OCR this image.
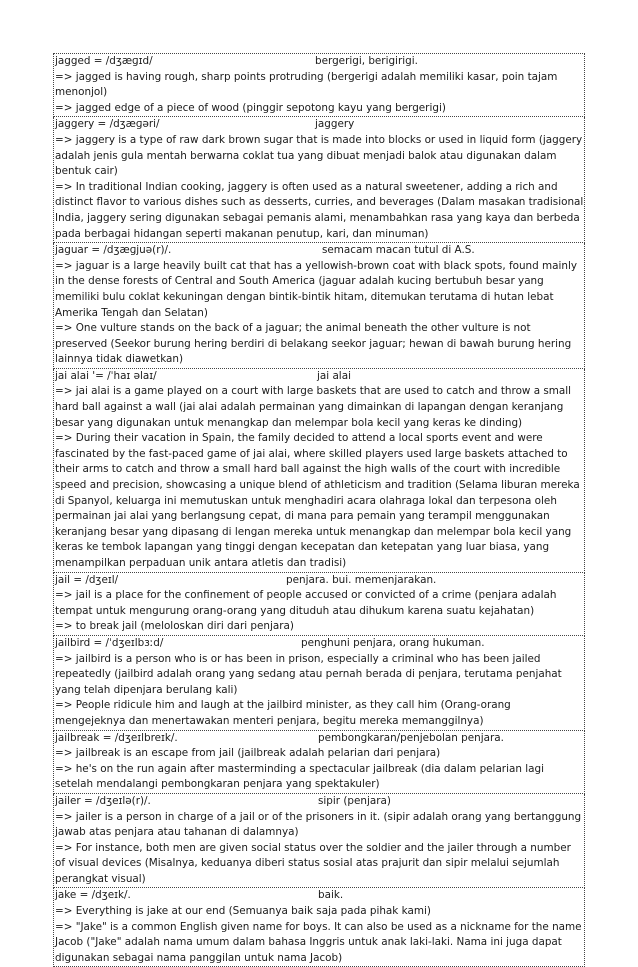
jagged = /dʒæɡɪd/	bergerigi, berigirigi.
=> jagged is having rough, sharp points protruding (bergerigi adalah memiliki kasar, poin tajam menonjol)
=> jagged edge of a piece of wood (pinggir sepotong kayu yang bergerigi)
jaggery = /dʒæɡəri/	jaggery
=> jaggery is a type of raw dark brown sugar that is made into blocks or used in liquid form (jaggery adalah jenis gula mentah berwarna coklat tua yang dibuat menjadi balok atau digunakan dalam bentuk cair)
=> In traditional Indian cooking, jaggery is often used as a natural sweetener, adding a rich and distinct flavor to various dishes such as desserts, curries, and beverages (Dalam masakan tradisional India, jaggery sering digunakan sebagai pemanis alami, menambahkan rasa yang kaya dan berbeda pada berbagai hidangan seperti makanan penutup, kari, dan minuman)
jaguar = /dʒæɡjuə(r)/.	semacam macan tutul di A.S.
=> jaguar is a large heavily built cat that has a yellowish-brown coat with black spots, found mainly in the dense forests of Central and South America (jaguar adalah kucing bertubuh besar yang memiliki bulu coklat kekuningan dengan bintik-bintik hitam, ditemukan terutama di hutan lebat Amerika Tengah dan Selatan)
=> One vulture stands on the back of a jaguar; the animal beneath the other vulture is not preserved (Seekor burung hering berdiri di belakang seekor jaguar; hewan di bawah burung hering lainnya tidak diawetkan)
jai alai '= /ˈhaɪ əlaɪ/	jai alai
=> jai alai is a game played on a court with large baskets that are used to catch and throw a small hard ball against a wall (jai alai adalah permainan yang dimainkan di lapangan dengan keranjang besar yang digunakan untuk menangkap dan melempar bola kecil yang keras ke dinding)
=> During their vacation in Spain, the family decided to attend a local sports event and were fascinated by the fast-paced game of jai alai, where skilled players used large baskets attached to their arms to catch and throw a small hard ball against the high walls of the court with incredible speed and precision, showcasing a unique blend of athleticism and tradition (Selama liburan mereka di Spanyol, keluarga ini memutuskan untuk menghadiri acara olahraga lokal dan terpesona oleh permainan jai alai yang berlangsung cepat, di mana para pemain yang terampil menggunakan keranjang besar yang dipasang di lengan mereka untuk menangkap dan melempar bola kecil yang keras ke tembok lapangan yang tinggi dengan kecepatan dan ketepatan yang luar biasa, yang menampilkan perpaduan unik antara atletis dan tradisi)
jail = /dʒeɪl/	penjara. bui. memenjarakan.
=> jail is a place for the confinement of people accused or convicted of a crime (penjara adalah tempat untuk mengurung orang-orang yang dituduh atau dihukum karena suatu kejahatan)
=> to break jail (meloloskan diri dari penjara)
jailbird = /ˈdʒeɪlbɜːd/	penghuni penjara, orang hukuman.
=> jailbird is a person who is or has been in prison, especially a criminal who has been jailed repeatedly (jailbird adalah orang yang sedang atau pernah berada di penjara, terutama penjahat yang telah dipenjara berulang kali)
=> People ridicule him and laugh at the jailbird minister, as they call him (Orang-orang mengejeknya dan menertawakan menteri penjara, begitu mereka memanggilnya)
jailbreak = /dʒeɪlbreɪk/.	pembongkaran/penjebolan penjara.
=> jailbreak is an escape from jail (jailbreak adalah pelarian dari penjara)
=> he's on the run again after masterminding a spectacular jailbreak (dia dalam pelarian lagi setelah mendalangi pembongkaran penjara yang spektakuler)
jailer = /dʒeɪlə(r)/.	sipir (penjara)
=> jailer is a person in charge of a jail or of the prisoners in it. (sipir adalah orang yang bertanggung jawab atas penjara atau tahanan di dalamnya)
=> For instance, both men are given social status over the soldier and the jailer through a number of visual devices (Misalnya, keduanya diberi status sosial atas prajurit dan sipir melalui sejumlah perangkat visual)
jake = /dʒeɪk/.	baik.
=> Everything is jake at our end (Semuanya baik saja pada pihak kami)
=> "Jake" is a common English given name for boys. It can also be used as a nickname for the name Jacob ("Jake" adalah nama umum dalam bahasa Inggris untuk anak laki-laki. Nama ini juga dapat digunakan sebagai nama panggilan untuk nama Jacob)
